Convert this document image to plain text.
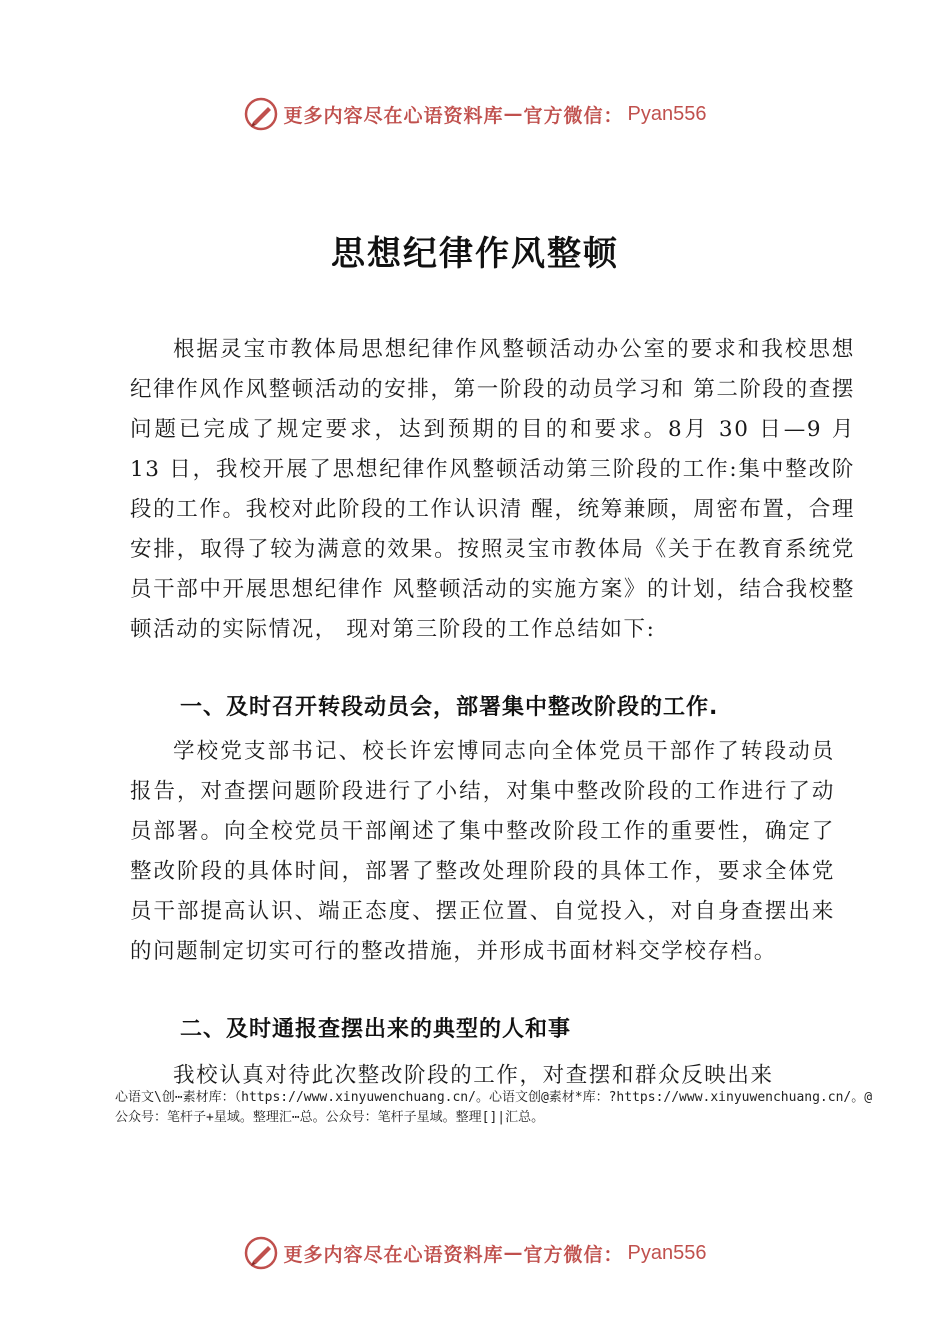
更多内容尽在心语资料库 — 官方微信： Pyan556
思想纪律作风整顿

根据灵宝市教体局思想纪律作风整顿活动办公室的要求和我校思想纪律作风作风整顿活动的安排，第一阶段的动员学习和 第二阶段的查摆问题已完成了规定要求，达到预期的目的和要求。8月 30 日—9 月 13 日，我校开展了思想纪律作风整顿活动第三阶段的工作:集中整改阶段的工作。我校对此阶段的工作认识清 醒，统筹兼顾，周密布置，合理安排，取得了较为满意的效果。按照灵宝市教体局《关于在教育系统党员干部中开展思想纪律作 风整顿活动的实施方案》的计划，结合我校整顿活动的实际情况， 现对第三阶段的工作总结如下:

一、及时召开转段动员会，部署集中整改阶段的工作.

学校党支部书记、校长许宏博同志向全体党员干部作了转段动员报告，对查摆问题阶段进行了小结，对集中整改阶段的工作进行了动员部署。向全校党员干部阐述了集中整改阶段工作的重要性，确定了整改阶段的具体时间，部署了整改处理阶段的具体工作，要求全体党员干部提高认识、端正态度、摆正位置、自觉投入，对自身查摆出来的问题制定切实可行的整改措施，并形成书面材料交学校存档。

二、及时通报查摆出来的典型的人和事

我校认真对待此次整改阶段的工作，对查摆和群众反映出来

心语文\创⋯素材库：（https://www.xinyuwenchuang.cn/。心语文创@素材*库：?https://www.xinyuwenchuang.cn/。@公众号：笔杆子+星域。整理汇⋯总。公众号：笔杆子星域。整理[]|汇总。

更多内容尽在心语资料库 — 官方微信： Pyan556
